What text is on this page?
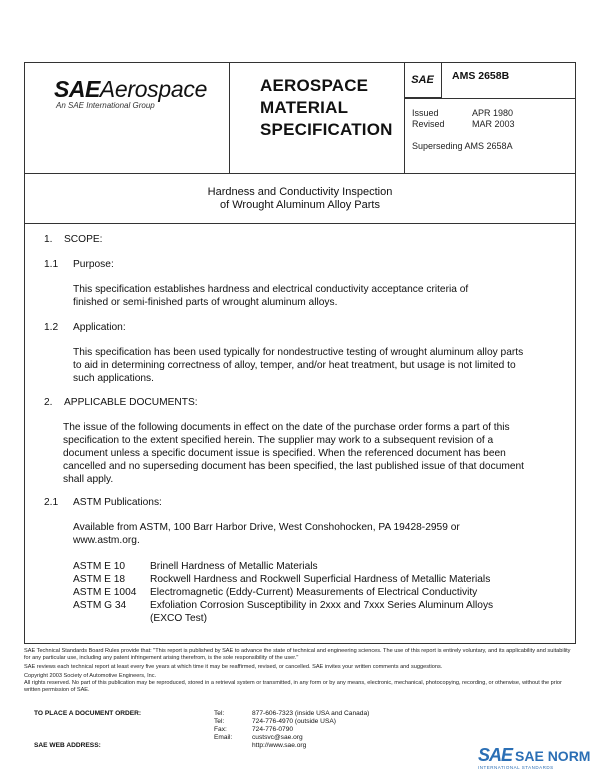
SAE Aerospace
An SAE International Group
AEROSPACE
MATERIAL
SPECIFICATION
SAE	AMS 2658B
Issued	APR 1980
Revised	MAR 2003
Superseding AMS 2658A
Hardness and Conductivity Inspection
of Wrought Aluminum Alloy Parts
1. SCOPE:
1.1 Purpose:
This specification establishes hardness and electrical conductivity acceptance criteria of
finished or semi-finished parts of wrought aluminum alloys.
1.2 Application:
This specification has been used typically for nondestructive testing of wrought aluminum alloy parts
to aid in determining correctness of alloy, temper, and/or heat treatment, but usage is not limited to
such applications.
2. APPLICABLE DOCUMENTS:
The issue of the following documents in effect on the date of the purchase order forms a part of this
specification to the extent specified herein. The supplier may work to a subsequent revision of a
document unless a specific document issue is specified. When the referenced document has been
cancelled and no superseding document has been specified, the last published issue of that document
shall apply.
2.1 ASTM Publications:
Available from ASTM, 100 Barr Harbor Drive, West Conshohocken, PA 19428-2959 or
www.astm.org.
ASTM E 10	Brinell Hardness of Metallic Materials
ASTM E 18	Rockwell Hardness and Rockwell Superficial Hardness of Metallic Materials
ASTM E 1004	Electromagnetic (Eddy-Current) Measurements of Electrical Conductivity
ASTM G 34	Exfoliation Corrosion Susceptibility in 2xxx and 7xxx Series Aluminum Alloys
(EXCO Test)

SAE Technical Standards Board Rules provide that: "This report is published by SAE to advance the state of technical and engineering sciences. The use of this report is entirely voluntary, and its applicability and suitability for any particular use, including any patent infringement arising therefrom, is the sole responsibility of the user."

SAE reviews each technical report at least every five years at which time it may be reaffirmed, revised, or cancelled. SAE invites your written comments and suggestions.

Copyright 2003 Society of Automotive Engineers, Inc.

All rights reserved. No part of this publication may be reproduced, stored in a retrieval system or transmitted, in any form or by any means, electronic, mechanical, photocopying, recording, or otherwise, without the prior written permission of SAE.

TO PLACE A DOCUMENT ORDER:	Tel:	877-606-7323 (inside USA and Canada)
Tel:	724-776-4970 (outside USA)
Fax:	724-776-0790
Email:	custsvc@sae.org
SAE WEB ADDRESS:	http://www.sae.org	SAE SAE NORM
INTERNATIONAL STANDARDS
